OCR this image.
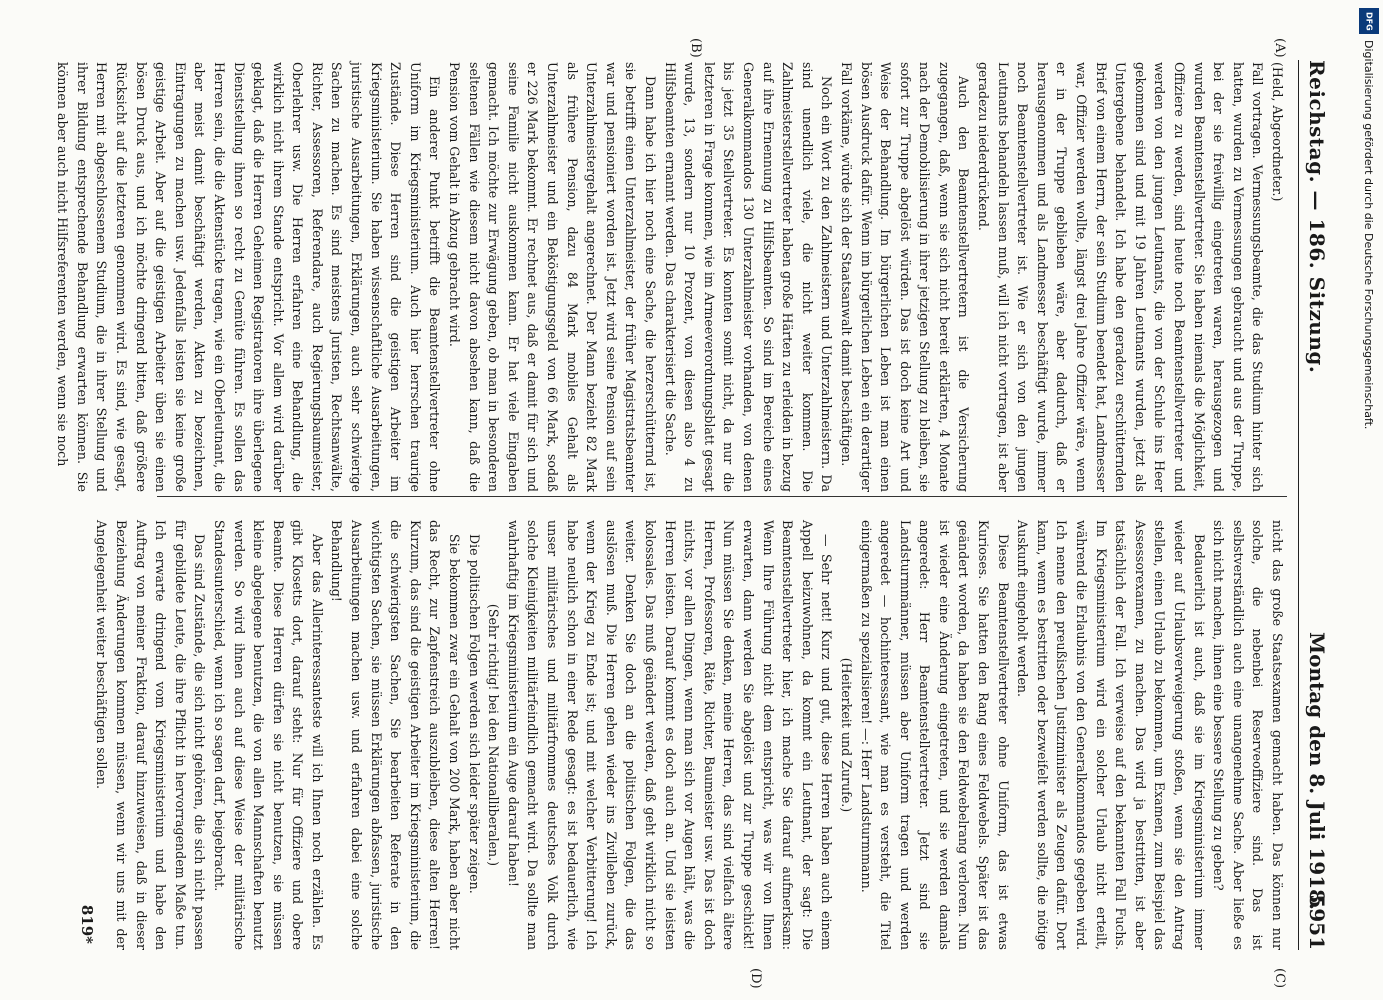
Reichstag. — 186. Sitzung.
Montag den 8. Juli 1918.
5951
(A)
(B)
(C)
(D)

(Held, Abgeordneter.)

Fall vortragen. Vermessungsbeamte, die das Studium hinter sich hatten, wurden zu Vermessungen gebraucht und aus der Truppe, bei der sie freiwillig eingetreten waren, herausgezogen und wurden Beamtenstellvertreter. Sie haben niemals die Möglichkeit, Offiziere zu werden, sind heute noch Beamtenstellvertreter und werden von den jungen Leutnants, die von der Schule ins Heer gekommen sind und mit 19 Jahren Leutnants wurden, jetzt als Untergebene behandelt. Ich habe den geradezu erschütternden Brief von einem Herrn, der sein Studium beendet hat, Landmesser war, Offizier werden wollte, längst drei Jahre Offizier wäre, wenn er in der Truppe geblieben wäre, aber dadurch, daß er herausgenommen und als Landmesser beschäftigt wurde, immer noch Beamtenstellvertreter ist. Wie er sich von den jungen Leutnants behandeln lassen muß, will ich nicht vortragen, ist aber geradezu niederdrückend.

Auch den Beamtenstellvertretern ist die Versicherung zugegangen, daß, wenn sie sich nicht bereit erklärten, 4 Monate nach der Demobilisierung in ihrer jetzigen Stellung zu bleiben, sie sofort zur Truppe abgelöst würden. Das ist doch keine Art und Weise der Behandlung. Im bürgerlichen Leben ist man einen bösen Ausdruck dafür. Wenn im bürgerlichen Leben ein derartiger Fall vorkäme, würde sich der Staatsanwalt damit beschäftigen.

Noch ein Wort zu den Zahlmeistern und Unterzahlmeistern. Da sind unendlich viele, die nicht weiter kommen. Die Zahlmeisterstellvertreter haben große Härten zu erleiden in bezug auf ihre Ernennung zu Hilfsbeamten. So sind im Bereiche eines Generalkommandos 130 Unterzahlmeister vorhanden, von denen bis jetzt 35 Stellvertreter. Es konnten somit nicht, da nur die letzteren in Frage kommen, wie im Armeeverordnungsblatt gesagt wurde, 13, sondern nur 10 Prozent, von diesen also 4 zu Hilfsbeamten ernannt werden. Das charakterisiert die Sache.

Dann habe ich hier noch eine Sache, die herzerschütternd ist, sie betrifft einen Unterzahlmeister, der früher Magistratsbeamter war und pensioniert worden ist. Jetzt wird seine Pension auf sein Unterzahlmeistergehalt angerechnet. Der Mann bezieht 82 Mark als frühere Pension, dazu 84 Mark mobiles Gehalt als Unterzahlmeister und ein Beköstigungsgeld von 66 Mark, sodaß er 226 Mark bekommt. Er rechnet aus, daß er damit für sich und seine Familie nicht auskommen kann. Er hat viele Eingaben gemacht. Ich möchte zur Erwägung geben, ob man in besonderen seltenen Fällen wie diesem nicht davon absehen kann, daß die Pension vom Gehalt in Abzug gebracht wird.

Ein anderer Punkt betrifft die Beamtenstellvertreter ohne Uniform im Kriegsministerium. Auch hier herrschen traurige Zustände. Diese Herren sind die geistigen Arbeiter im Kriegsministerium. Sie haben wissenschaftliche Ausarbeitungen, juristische Ausarbeitungen, Erklärungen, auch sehr schwierige Sachen zu machen. Es sind meistens Juristen, Rechtsanwälte, Richter, Assessoren, Referendare, auch Regierungsbaumeister, Oberlehrer usw. Die Herren erfahren eine Behandlung, die wirklich nicht ihrem Stande entspricht. Vor allem wird darüber geklagt, daß die Herren Geheimen Registratoren ihre überlegene Dienststellung ihnen so recht zu Gemüte führen. Es sollen das Herren sein, die die Aktenstücke tragen, wie ein Oberleutnant, die aber meist damit beschäftigt werden, Akten zu bezeichnen, Eintragungen zu machen usw. Jedenfalls leisten sie keine große geistige Arbeit. Aber auf die geistigen Arbeiter üben sie einen bösen Druck aus, und ich möchte dringend bitten, daß größere Rücksicht auf die letzteren genommen wird. Es sind, wie gesagt, Herren mit abgeschlossenem Studium, die in ihrer Stellung und ihrer Bildung entsprechende Behandlung erwarten können. Sie können aber auch nicht Hilfsreferenten werden, wenn sie noch

nicht das große Staatsexamen gemacht haben. Das können nur solche, die nebenbei Reserveoffiziere sind. Das ist selbstverständlich auch eine unangenehme Sache. Aber ließe es sich nicht machen, ihnen eine bessere Stellung zu geben?

Bedauerlich ist auch, daß sie im Kriegsministerium immer wieder auf Urlaubsverweigerung stoßen, wenn sie den Antrag stellen, einen Urlaub zu bekommen, um Examen, zum Beispiel das Assessorexamen, zu machen. Das wird ja bestritten, ist aber tatsächlich der Fall. Ich verweise auf den bekannten Fall Fuchs. Im Kriegsministerium wird ein solcher Urlaub nicht erteilt, während die Erlaubnis von den Generalkommandos gegeben wird. Ich nenne den preußischen Justizminister als Zeugen dafür. Dort kann, wenn es bestritten oder bezweifelt werden sollte, die nötige Auskunft eingeholt werden.

Diese Beamtenstellvertreter ohne Uniform, das ist etwas Kurioses. Sie hatten den Rang eines Feldwebels. Später ist das geändert worden, da haben sie den Feldwebelrang verloren. Nun ist wieder eine Änderung eingetreten, und sie werden damals angeredet: Herr Beamtenstellvertreter. Jetzt sind sie Landsturmmänner, müssen aber Uniform tragen und werden angeredet — hochinteressant, wie man es versteht, die Titel einigermaßen zu spezialisieren! —: Herr Landsturmmann.

(Heiterkeit und Zurufe.)

— Sehr nett! Kurz und gut, diese Herren haben auch einem Appell beizuwohnen, da kommt ein Leutnant, der sagt: Die Beamtenstellvertreter hier, ich mache Sie darauf aufmerksam: Wenn Ihre Führung nicht dem entspricht, was wir von Ihnen erwarten, dann werden Sie abgelöst und zur Truppe geschickt! Nun müssen Sie denken, meine Herren, das sind vielfach ältere Herren, Professoren, Räte, Richter, Baumeister usw. Das ist doch nichts, vor allen Dingen, wenn man sich vor Augen hält, was die Herren leisten. Darauf kommt es doch auch an. Und sie leisten kolossales. Das muß geändert werden, daß geht wirklich nicht so weiter. Denken Sie doch an die politischen Folgen, die das auslösen muß. Die Herren gehen wieder ins Zivilleben zurück, wenn der Krieg zu Ende ist; und mit welcher Verbitterung! Ich habe neulich schon in einer Rede gesagt: es ist bedauerlich, wie unser militärisches und militärfrommes deutsches Volk durch solche Kleinigkeiten militärfeindlich gemacht wird. Da sollte man wahrhaftig im Kriegsministerium ein Auge darauf haben!

(Sehr richtig! bei den Nationalliberalen.)

Die politischen Folgen werden sich leider später zeigen.

Sie bekommen zwar ein Gehalt von 200 Mark, haben aber nicht das Recht, zur Zapfenstreich auszubleiben, diese alten Herren! Kurzum, das sind die geistigen Arbeiter im Kriegsministerium, die die schwierigsten Sachen, Sie bearbeiten Referate in den wichtigsten Sachen, sie müssen Erklärungen abfassen, juristische Ausarbeitungen machen usw. und erfahren dabei eine solche Behandlung!

Aber das Allerinteressanteste will ich Ihnen noch erzählen. Es gibt Klosetts dort, darauf steht: Nur für Offiziere und obere Beamte. Diese Herren dürfen sie nicht benutzen, sie müssen kleine abgelegene benutzen, die von allen Mannschaften benutzt werden. So wird ihnen auch auf diese Weise der militärische Standesunterschied, wenn ich so sagen darf, beigebracht.

Das sind Zustände, die sich nicht gehören, die sich nicht passen für gebildete Leute, die ihre Pflicht in hervorragendem Maße tun. Ich erwarte dringend vom Kriegsministerium und habe den Auftrag von meiner Fraktion, darauf hinzuweisen, daß in dieser Beziehung Änderungen kommen müssen, wenn wir uns mit der Angelegenheit weiter beschäftigen sollen.

819*
DFG
Digitalisierung gefördert durch die Deutsche Forschungsgemeinschaft.
